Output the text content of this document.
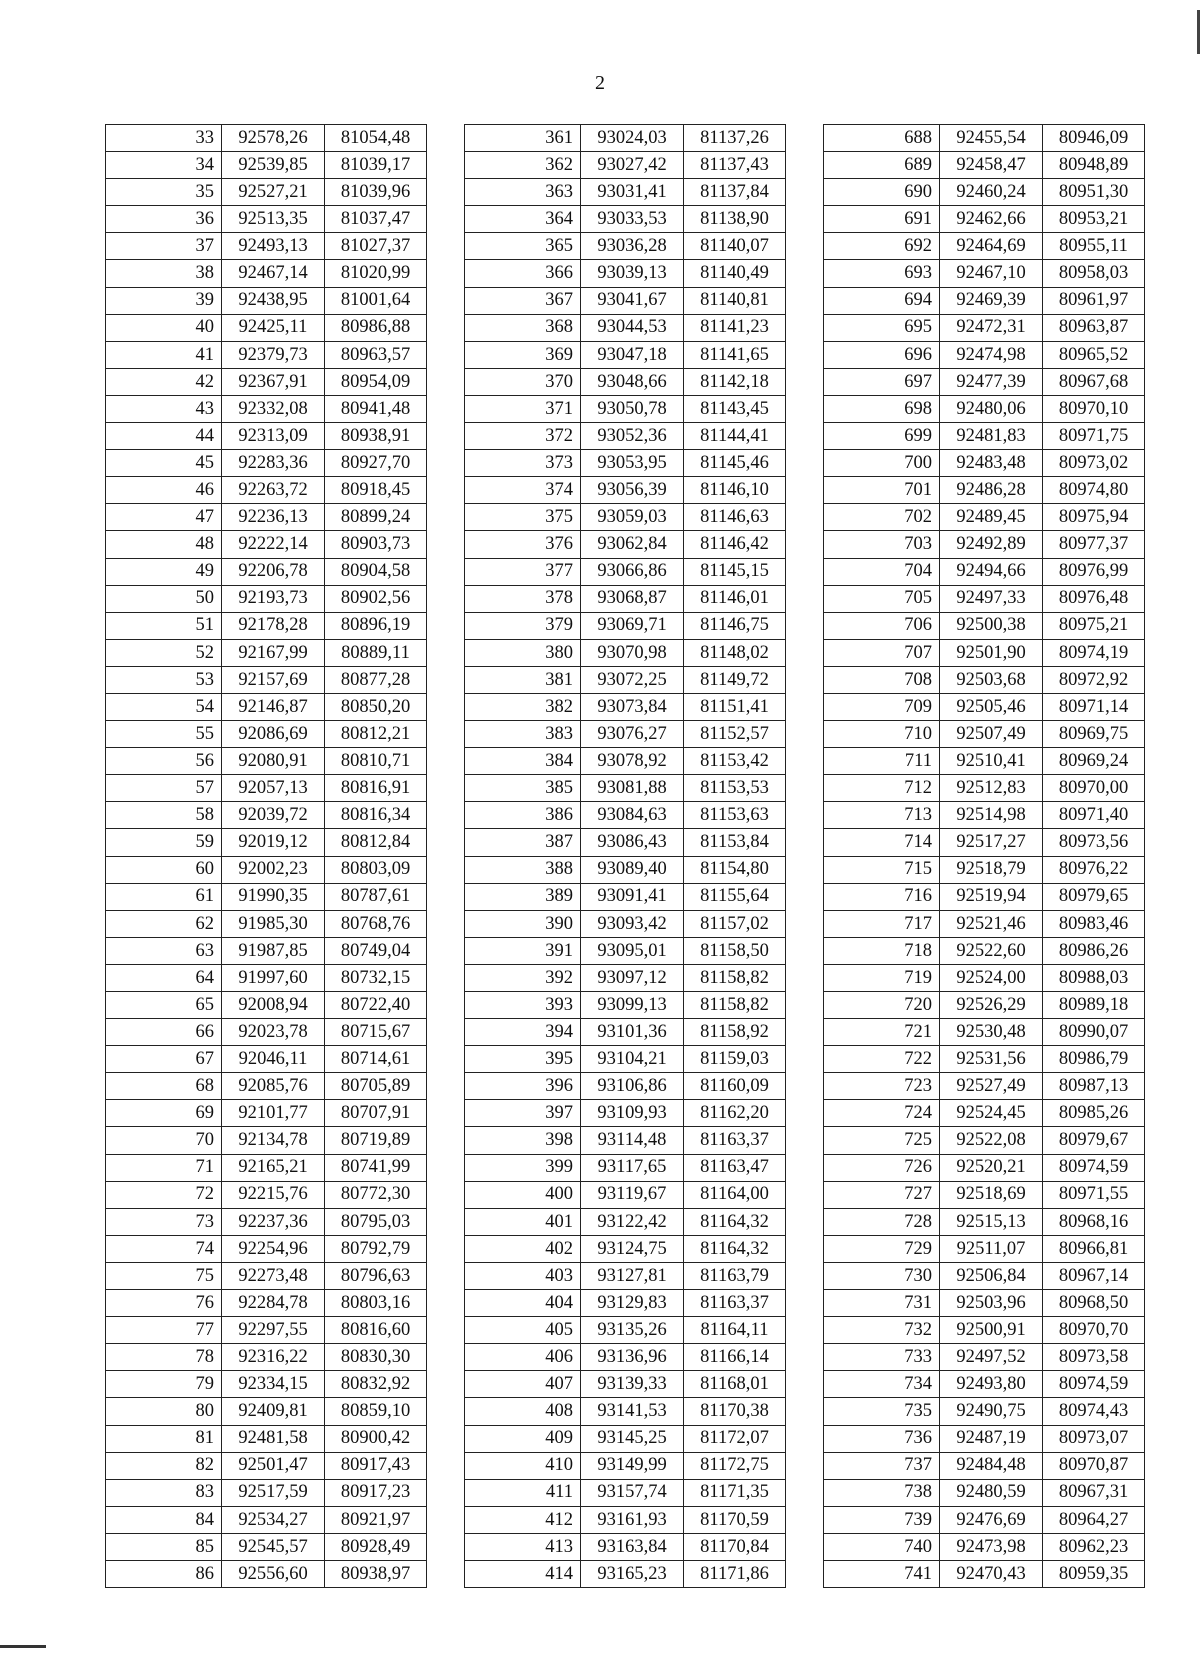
2
33	92578,26	81054,48
34	92539,85	81039,17
35	92527,21	81039,96
36	92513,35	81037,47
37	92493,13	81027,37
38	92467,14	81020,99
39	92438,95	81001,64
40	92425,11	80986,88
41	92379,73	80963,57
42	92367,91	80954,09
43	92332,08	80941,48
44	92313,09	80938,91
45	92283,36	80927,70
46	92263,72	80918,45
47	92236,13	80899,24
48	92222,14	80903,73
49	92206,78	80904,58
50	92193,73	80902,56
51	92178,28	80896,19
52	92167,99	80889,11
53	92157,69	80877,28
54	92146,87	80850,20
55	92086,69	80812,21
56	92080,91	80810,71
57	92057,13	80816,91
58	92039,72	80816,34
59	92019,12	80812,84
60	92002,23	80803,09
61	91990,35	80787,61
62	91985,30	80768,76
63	91987,85	80749,04
64	91997,60	80732,15
65	92008,94	80722,40
66	92023,78	80715,67
67	92046,11	80714,61
68	92085,76	80705,89
69	92101,77	80707,91
70	92134,78	80719,89
71	92165,21	80741,99
72	92215,76	80772,30
73	92237,36	80795,03
74	92254,96	80792,79
75	92273,48	80796,63
76	92284,78	80803,16
77	92297,55	80816,60
78	92316,22	80830,30
79	92334,15	80832,92
80	92409,81	80859,10
81	92481,58	80900,42
82	92501,47	80917,43
83	92517,59	80917,23
84	92534,27	80921,97
85	92545,57	80928,49
86	92556,60	80938,97
361	93024,03	81137,26
362	93027,42	81137,43
363	93031,41	81137,84
364	93033,53	81138,90
365	93036,28	81140,07
366	93039,13	81140,49
367	93041,67	81140,81
368	93044,53	81141,23
369	93047,18	81141,65
370	93048,66	81142,18
371	93050,78	81143,45
372	93052,36	81144,41
373	93053,95	81145,46
374	93056,39	81146,10
375	93059,03	81146,63
376	93062,84	81146,42
377	93066,86	81145,15
378	93068,87	81146,01
379	93069,71	81146,75
380	93070,98	81148,02
381	93072,25	81149,72
382	93073,84	81151,41
383	93076,27	81152,57
384	93078,92	81153,42
385	93081,88	81153,53
386	93084,63	81153,63
387	93086,43	81153,84
388	93089,40	81154,80
389	93091,41	81155,64
390	93093,42	81157,02
391	93095,01	81158,50
392	93097,12	81158,82
393	93099,13	81158,82
394	93101,36	81158,92
395	93104,21	81159,03
396	93106,86	81160,09
397	93109,93	81162,20
398	93114,48	81163,37
399	93117,65	81163,47
400	93119,67	81164,00
401	93122,42	81164,32
402	93124,75	81164,32
403	93127,81	81163,79
404	93129,83	81163,37
405	93135,26	81164,11
406	93136,96	81166,14
407	93139,33	81168,01
408	93141,53	81170,38
409	93145,25	81172,07
410	93149,99	81172,75
411	93157,74	81171,35
412	93161,93	81170,59
413	93163,84	81170,84
414	93165,23	81171,86
688	92455,54	80946,09
689	92458,47	80948,89
690	92460,24	80951,30
691	92462,66	80953,21
692	92464,69	80955,11
693	92467,10	80958,03
694	92469,39	80961,97
695	92472,31	80963,87
696	92474,98	80965,52
697	92477,39	80967,68
698	92480,06	80970,10
699	92481,83	80971,75
700	92483,48	80973,02
701	92486,28	80974,80
702	92489,45	80975,94
703	92492,89	80977,37
704	92494,66	80976,99
705	92497,33	80976,48
706	92500,38	80975,21
707	92501,90	80974,19
708	92503,68	80972,92
709	92505,46	80971,14
710	92507,49	80969,75
711	92510,41	80969,24
712	92512,83	80970,00
713	92514,98	80971,40
714	92517,27	80973,56
715	92518,79	80976,22
716	92519,94	80979,65
717	92521,46	80983,46
718	92522,60	80986,26
719	92524,00	80988,03
720	92526,29	80989,18
721	92530,48	80990,07
722	92531,56	80986,79
723	92527,49	80987,13
724	92524,45	80985,26
725	92522,08	80979,67
726	92520,21	80974,59
727	92518,69	80971,55
728	92515,13	80968,16
729	92511,07	80966,81
730	92506,84	80967,14
731	92503,96	80968,50
732	92500,91	80970,70
733	92497,52	80973,58
734	92493,80	80974,59
735	92490,75	80974,43
736	92487,19	80973,07
737	92484,48	80970,87
738	92480,59	80967,31
739	92476,69	80964,27
740	92473,98	80962,23
741	92470,43	80959,35
